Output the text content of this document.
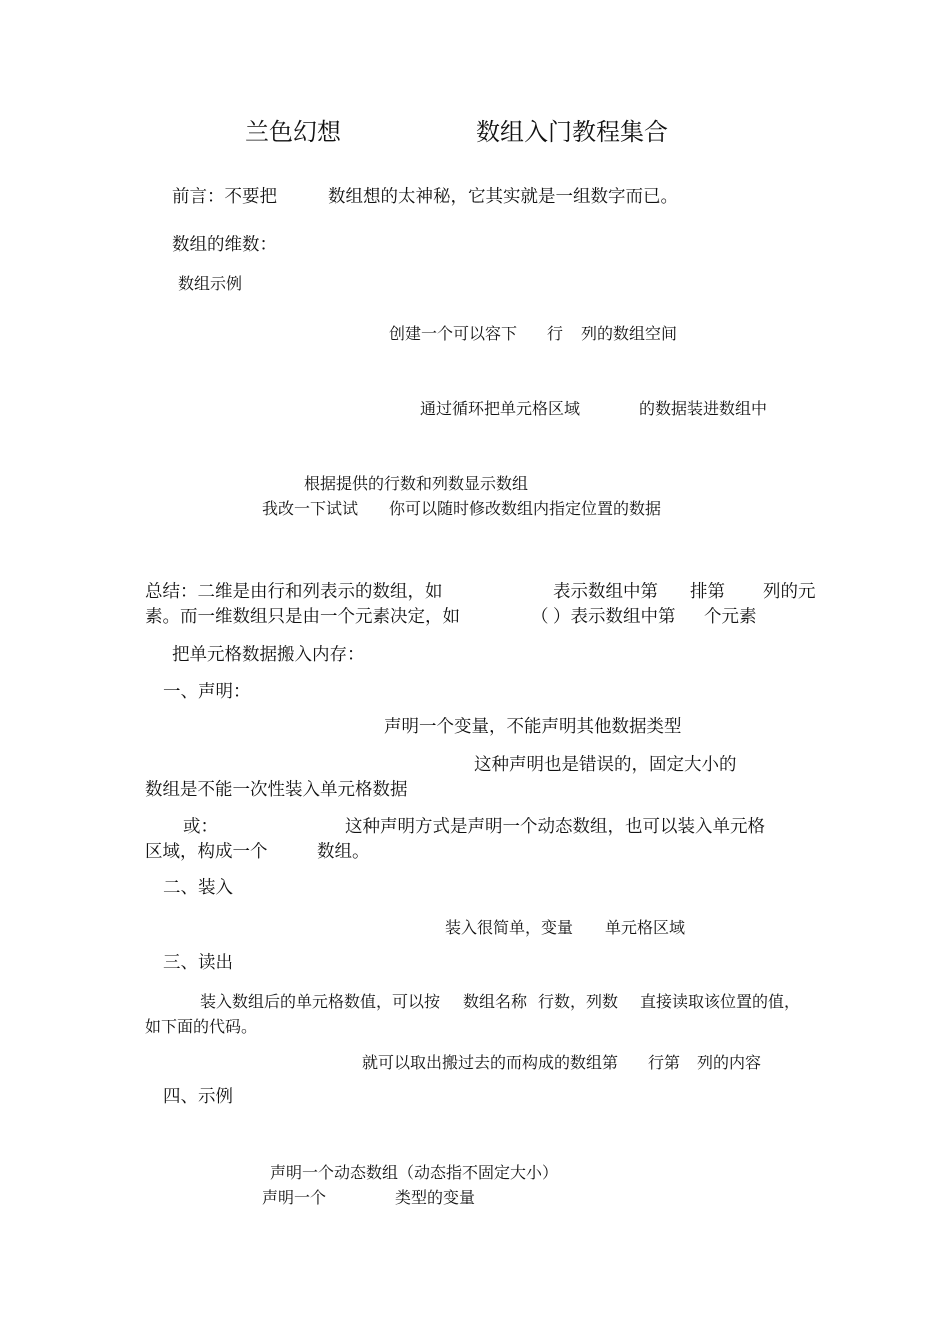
兰色幻想	数组入门教程集合
前言：不要把	数组想的太神秘，它其实就是一组数字而已。
数组的维数：
数组示例
创建一个可以容下 行 列的数组空间
通过循环把单元格区域	的数据装进数组中
根据提供的行数和列数显示数组
我改一下试试 你可以随时修改数组内指定位置的数据
总结：二维是由行和列表示的数组，如	表示数组中第 排第 列的元
素。而一维数组只是由一个元素决定，如	（ ）表示数组中第 个元素
把单元格数据搬入内存：
一、声明：
声明一个变量，不能声明其他数据类型
这种声明也是错误的，固定大小的
数组是不能一次性装入单元格数据
或：	这种声明方式是声明一个动态数组，也可以装入单元格
区域，构成一个	数组。
二、装入
装入很简单，变量 单元格区域
三、读出
装入数组后的单元格数值，可以按 数组名称 行数，列数 直接读取该位置的值，
如下面的代码。
就可以取出搬过去的而构成的数组第 行第 列的内容
四、示例
声明一个动态数组（动态指不固定大小）
声明一个	类型的变量
